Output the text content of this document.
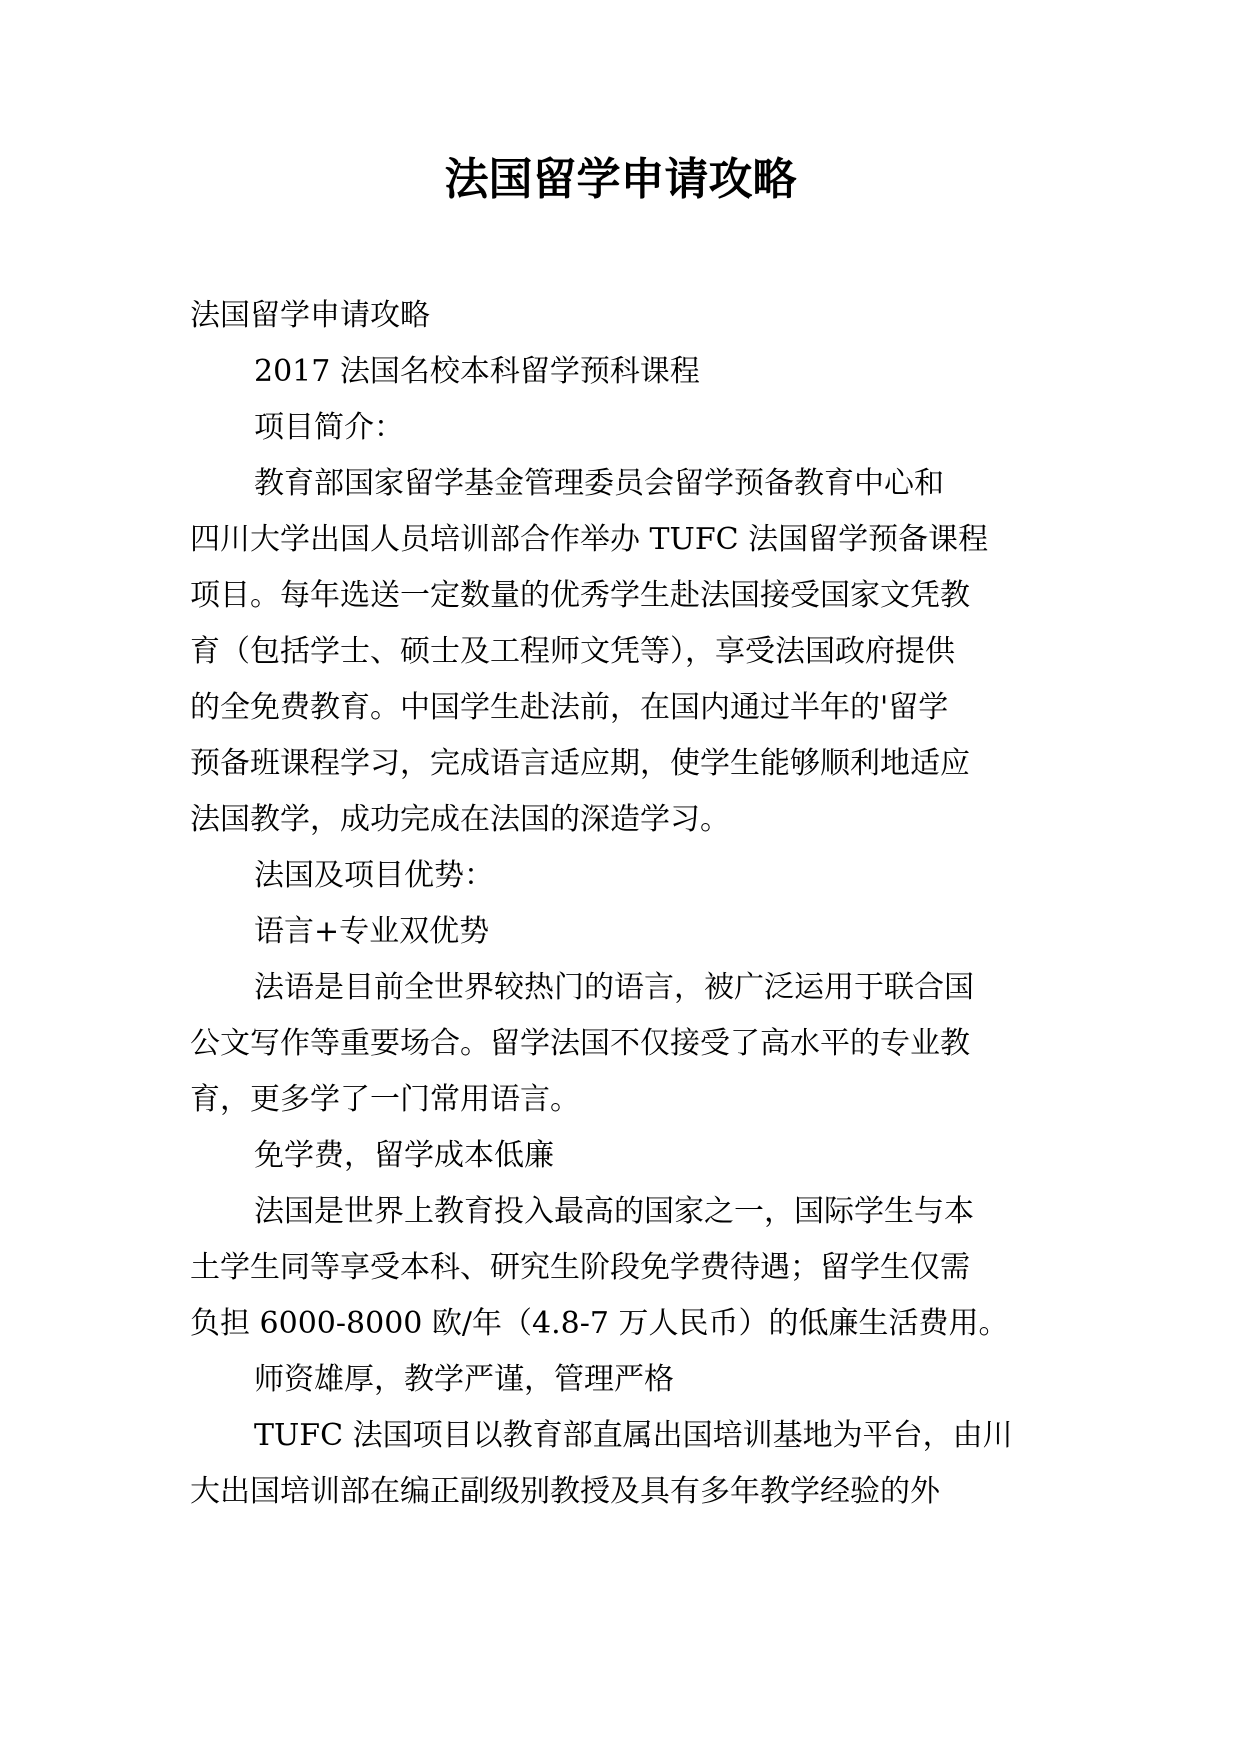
法国留学申请攻略
法国留学申请攻略
2017 法国名校本科留学预科课程
项目简介：
教育部国家留学基金管理委员会留学预备教育中心和
四川大学出国人员培训部合作举办 TUFC 法国留学预备课程
项目。每年选送一定数量的优秀学生赴法国接受国家文凭教
育（包括学士、硕士及工程师文凭等），享受法国政府提供
的全免费教育。中国学生赴法前，在国内通过半年的'留学
预备班课程学习，完成语言适应期，使学生能够顺利地适应
法国教学，成功完成在法国的深造学习。
法国及项目优势：
语言+专业双优势
法语是目前全世界较热门的语言，被广泛运用于联合国
公文写作等重要场合。留学法国不仅接受了高水平的专业教
育，更多学了一门常用语言。
免学费，留学成本低廉
法国是世界上教育投入最高的国家之一，国际学生与本
土学生同等享受本科、研究生阶段免学费待遇；留学生仅需
负担 6000-8000 欧/年（4.8-7 万人民币）的低廉生活费用。
师资雄厚，教学严谨，管理严格
TUFC 法国项目以教育部直属出国培训基地为平台，由川
大出国培训部在编正副级别教授及具有多年教学经验的外
